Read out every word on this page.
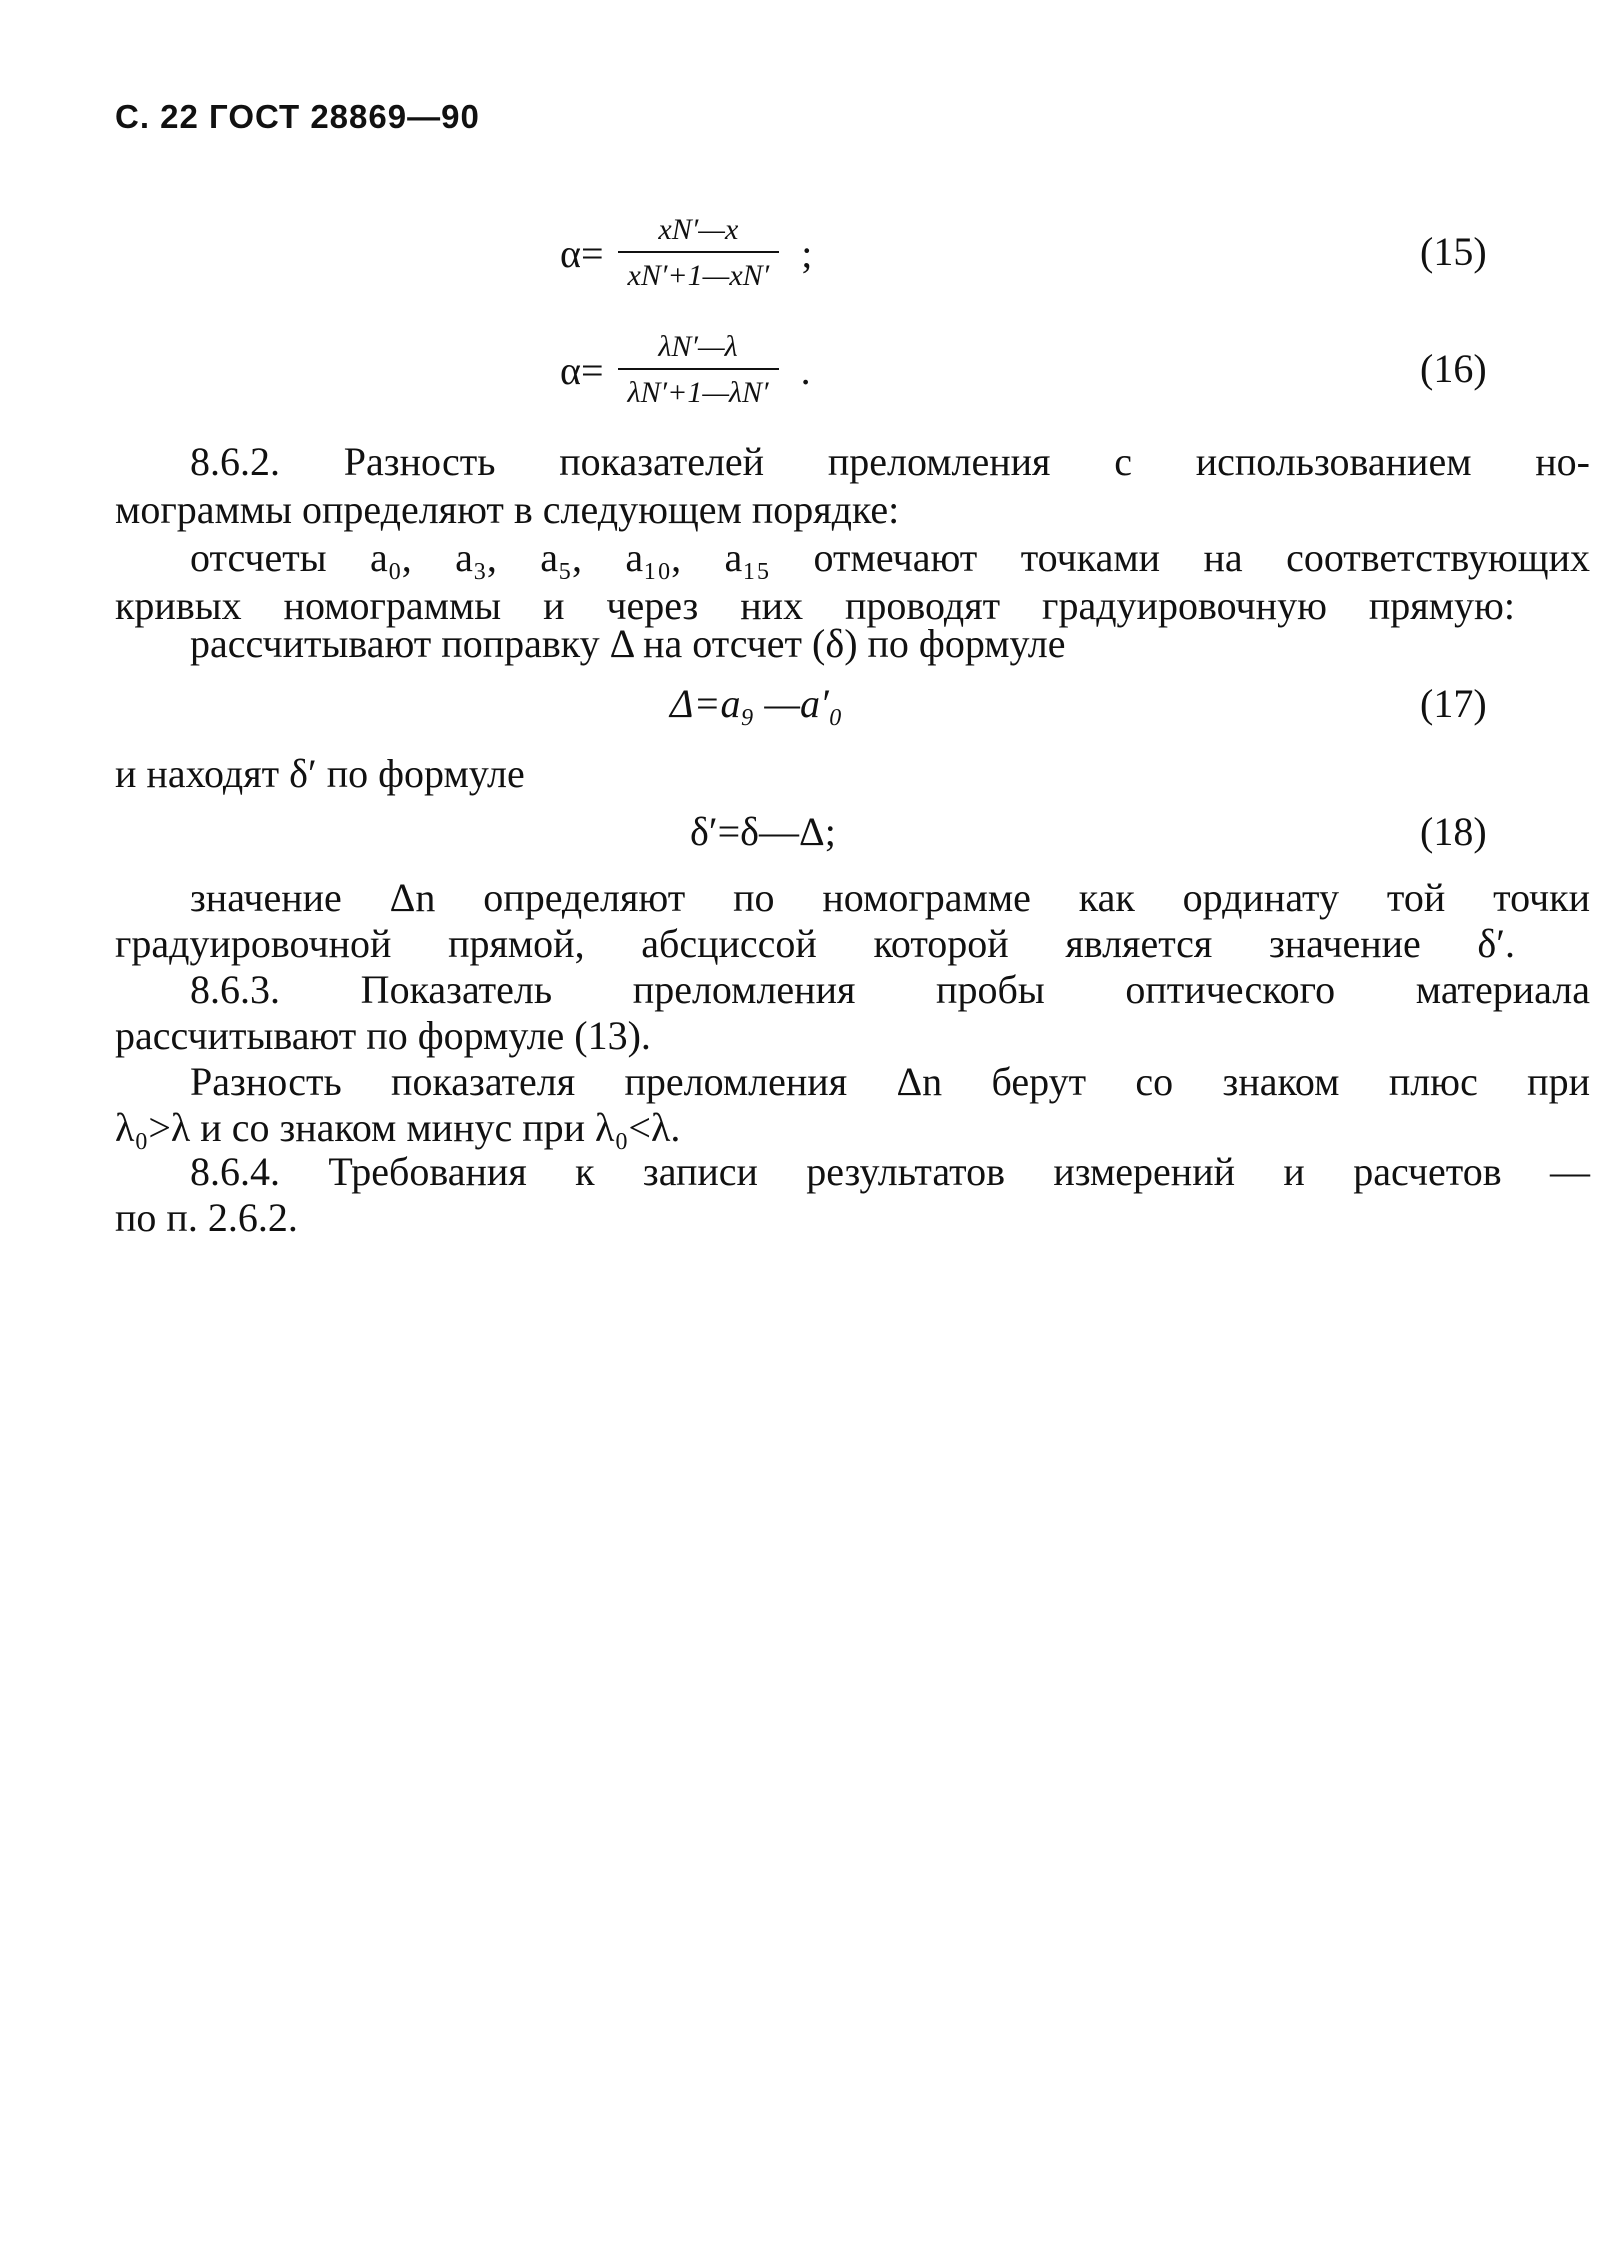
С. 22 ГОСТ 28869—90
$\alpha= \frac{xN'—x}{xN'+1—xN'}$ ;	(15)
$\alpha= \frac{\lambda N'—\lambda}{\lambda N'+1—\lambda N'}$ .	(16)

8.6.2. Разность показателей преломления с использованием но-

мограммы определяют в следующем порядке:

отсчеты a₀, a₃, a₅, a₁₀, a₁₅ отмечают точками на соответствующих

кривых номограммы и через них проводят градуировочную прямую:

рассчитывают поправку Δ на отсчет (δ) по формуле

Δ=a₉ —a′₀	(17)

и находят δ′ по формуле

δ′=δ—Δ;	(18)

значение Δn определяют по номограмме как ординату той точки

градуировочной прямой, абсциссой которой является значение δ′.

8.6.3. Показатель преломления пробы оптического материала

рассчитывают по формуле (13).

Разность показателя преломления Δn берут со знаком плюс при

λ₀>λ и со знаком минус при λ₀<λ.

8.6.4. Требования к записи результатов измерений и расчетов —

по п. 2.6.2.
